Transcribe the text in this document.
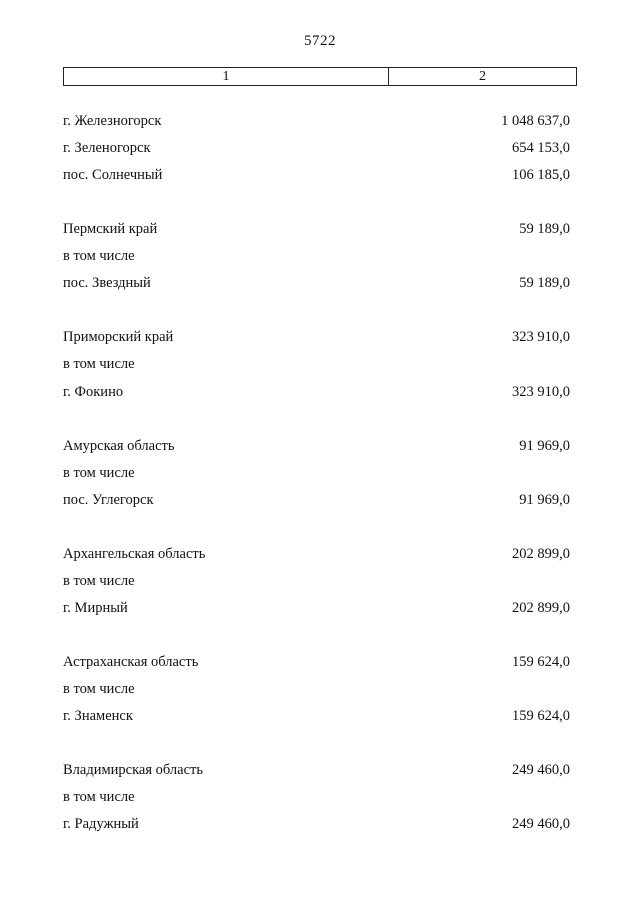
5722
1	2
г. Железногорск	1 048 637,0
г. Зеленогорск	654 153,0
пос. Солнечный	106 185,0
Пермский край	59 189,0
в том числе
пос. Звездный	59 189,0
Приморский край	323 910,0
в том числе
г. Фокино	323 910,0
Амурская область	91 969,0
в том числе
пос. Углегорск	91 969,0
Архангельская область	202 899,0
в том числе
г. Мирный	202 899,0
Астраханская область	159 624,0
в том числе
г. Знаменск	159 624,0
Владимирская область	249 460,0
в том числе
г. Радужный	249 460,0
